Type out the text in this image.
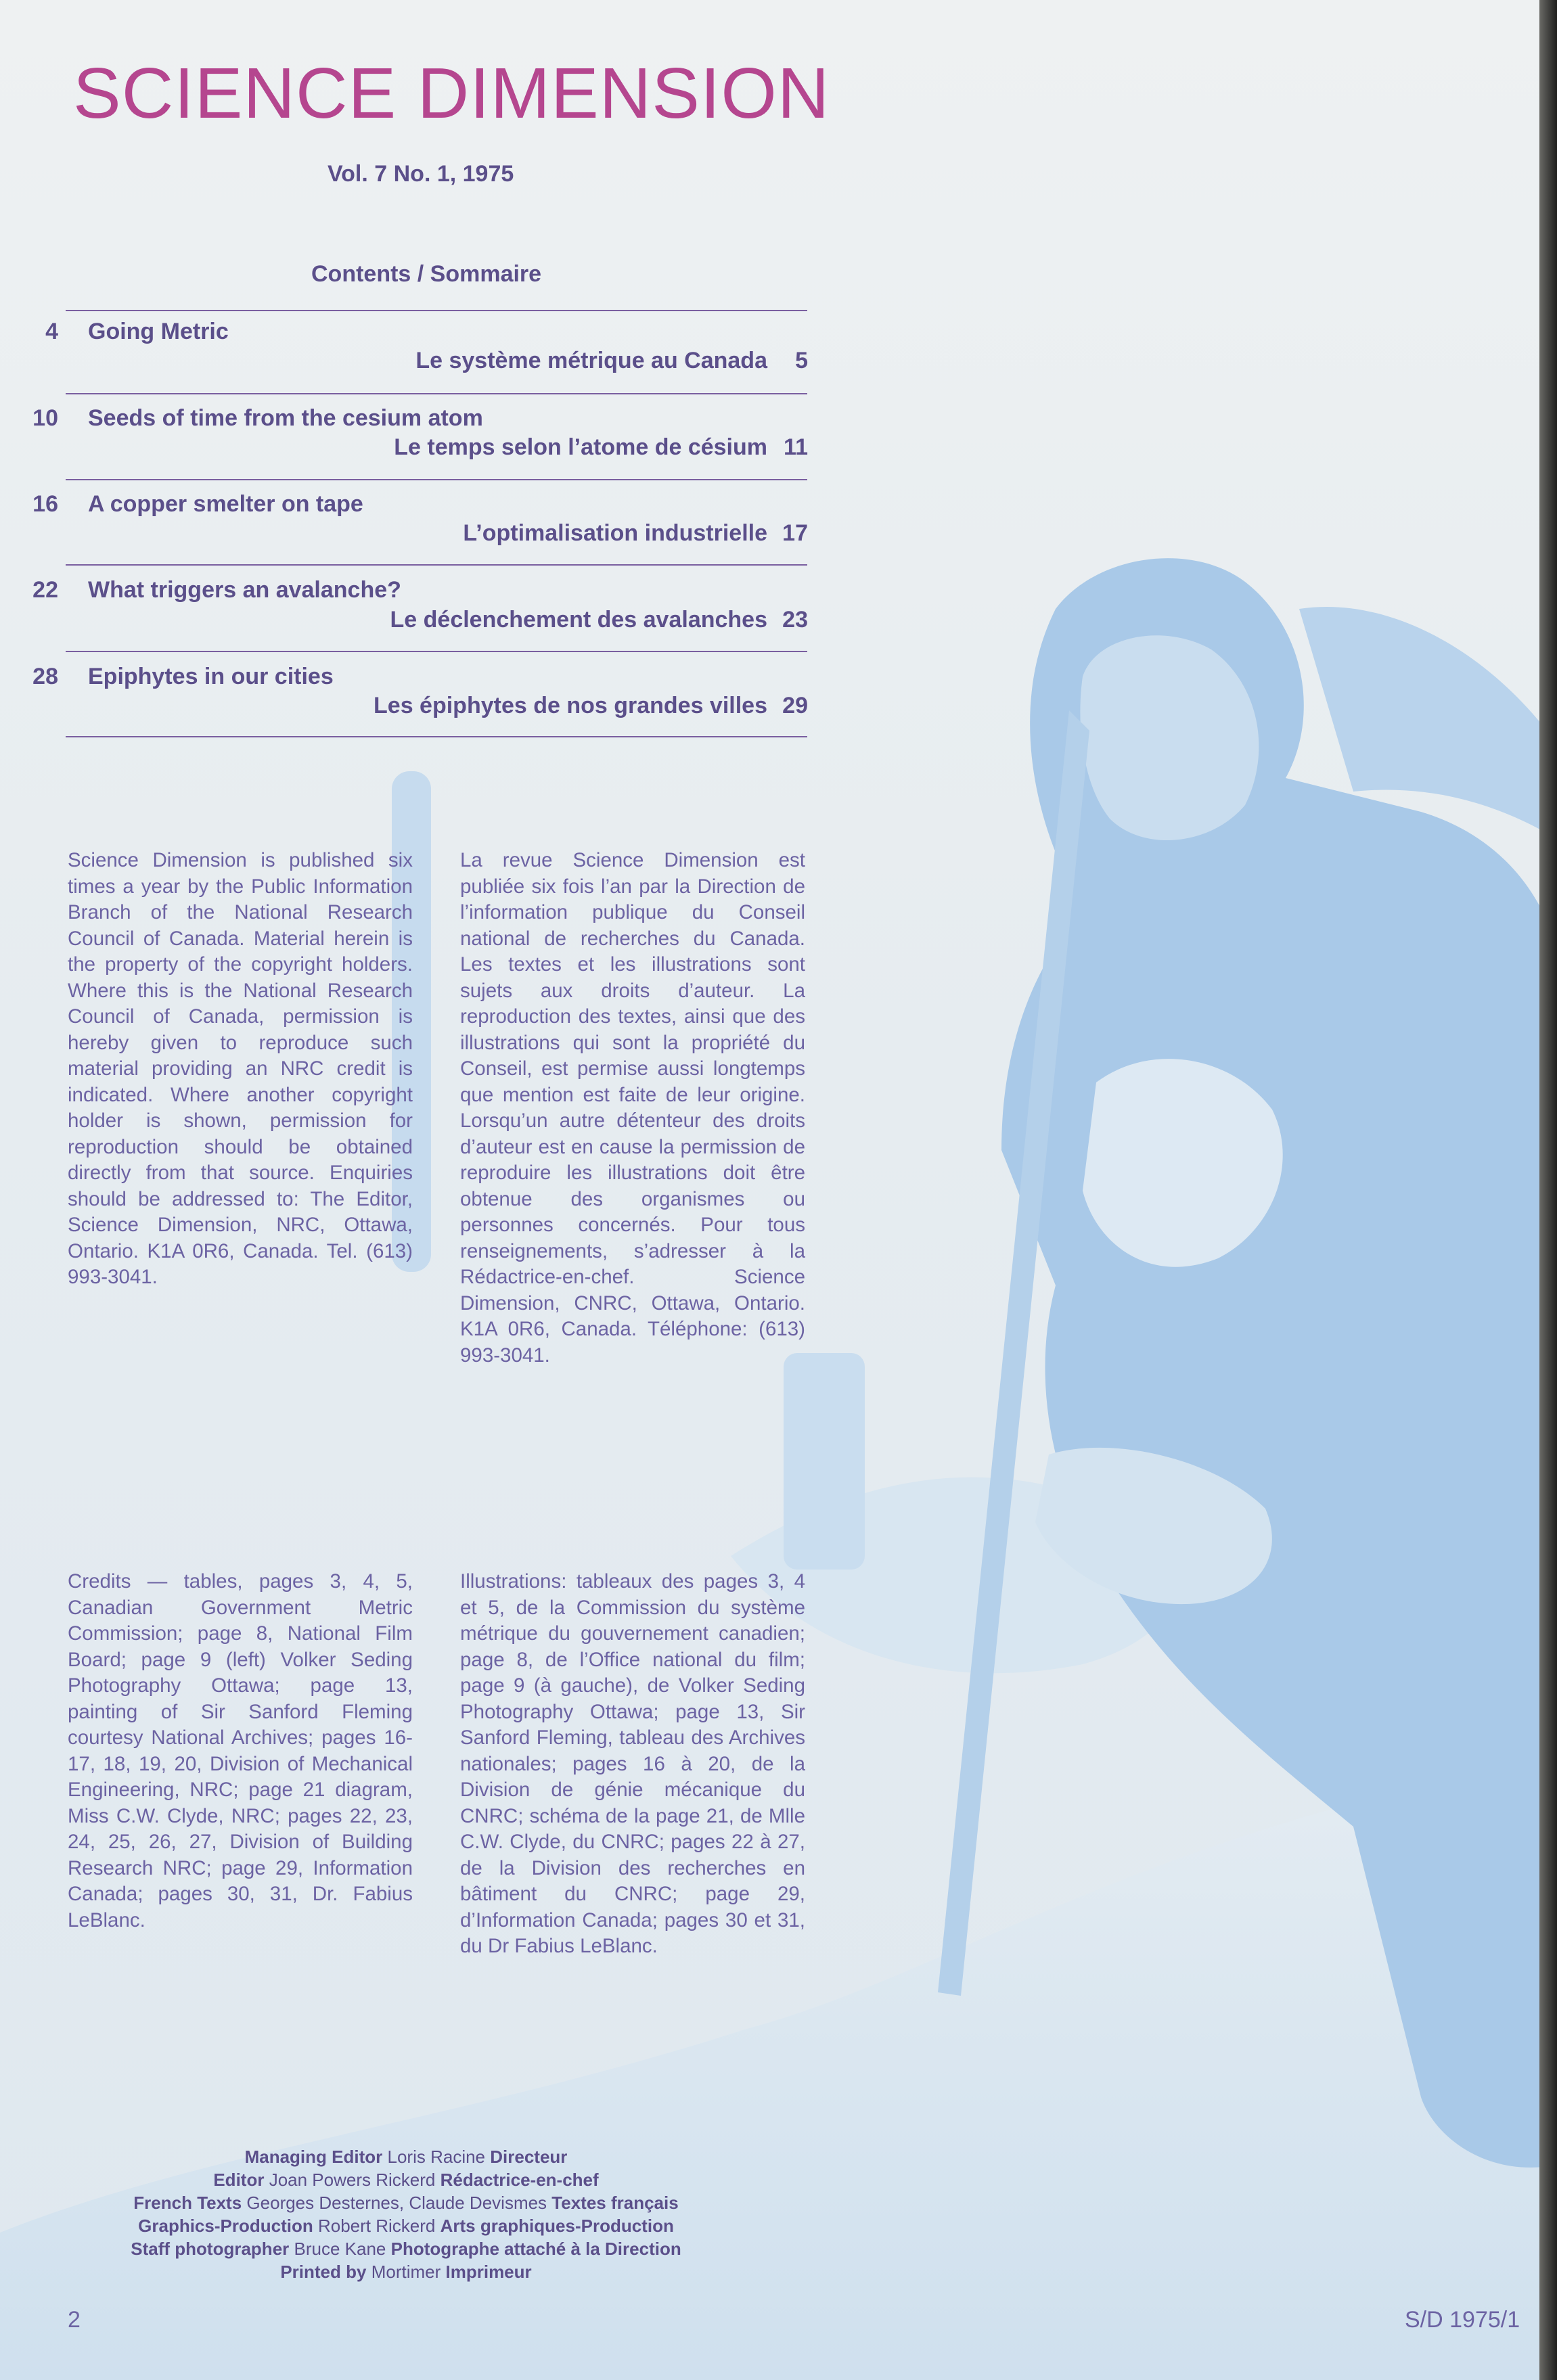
SCIENCE DIMENSION
Vol. 7 No. 1, 1975
Contents / Sommaire
4 Going Metric
Le système métrique au Canada 5
10 Seeds of time from the cesium atom
Le temps selon l’atome de césium 11
16 A copper smelter on tape
L’optimalisation industrielle 17
22 What triggers an avalanche?
Le déclenchement des avalanches 23
28 Epiphytes in our cities
Les épiphytes de nos grandes villes 29

Science Dimension is published six times a year by the Public Information Branch of the National Research Council of Canada. Material herein is the property of the copyright holders. Where this is the National Research Council of Canada, permission is hereby given to reproduce such material providing an NRC credit is indicated. Where another copyright holder is shown, permission for reproduction should be obtained directly from that source. Enquiries should be addressed to: The Editor, Science Dimension, NRC, Ottawa, Ontario. K1A 0R6, Canada. Tel. (613) 993-3041.

La revue Science Dimension est publiée six fois l’an par la Direction de l’information publique du Conseil national de recherches du Canada. Les textes et les illustrations sont sujets aux droits d’auteur. La reproduction des textes, ainsi que des illustrations qui sont la propriété du Conseil, est permise aussi longtemps que mention est faite de leur origine. Lorsqu’un autre détenteur des droits d’auteur est en cause la permission de reproduire les illustrations doit être obtenue des organismes ou personnes concernés. Pour tous renseignements, s’adresser à la Rédactrice-en-chef. Science Dimension, CNRC, Ottawa, Ontario. K1A 0R6, Canada. Téléphone: (613) 993-3041.

Credits — tables, pages 3, 4, 5, Canadian Government Metric Commission; page 8, National Film Board; page 9 (left) Volker Seding Photography Ottawa; page 13, painting of Sir Sanford Fleming courtesy National Archives; pages 16-17, 18, 19, 20, Division of Mechanical Engineering, NRC; page 21 diagram, Miss C.W. Clyde, NRC; pages 22, 23, 24, 25, 26, 27, Division of Building Research NRC; page 29, Information Canada; pages 30, 31, Dr. Fabius LeBlanc.

Illustrations: tableaux des pages 3, 4 et 5, de la Commission du système métrique du gouvernement canadien; page 8, de l’Office national du film; page 9 (à gauche), de Volker Seding Photography Ottawa; page 13, Sir Sanford Fleming, tableau des Archives nationales; pages 16 à 20, de la Division de génie mécanique du CNRC; schéma de la page 21, de Mlle C.W. Clyde, du CNRC; pages 22 à 27, de la Division des recherches en bâtiment du CNRC; page 29, d’Information Canada; pages 30 et 31, du Dr Fabius LeBlanc.

Managing Editor Loris Racine Directeur
Editor Joan Powers Rickerd Rédactrice-en-chef
French Texts Georges Desternes, Claude Devismes Textes français
Graphics-Production Robert Rickerd Arts graphiques-Production
Staff photographer Bruce Kane Photographe attaché à la Direction
Printed by Mortimer Imprimeur
2	S/D 1975/1
